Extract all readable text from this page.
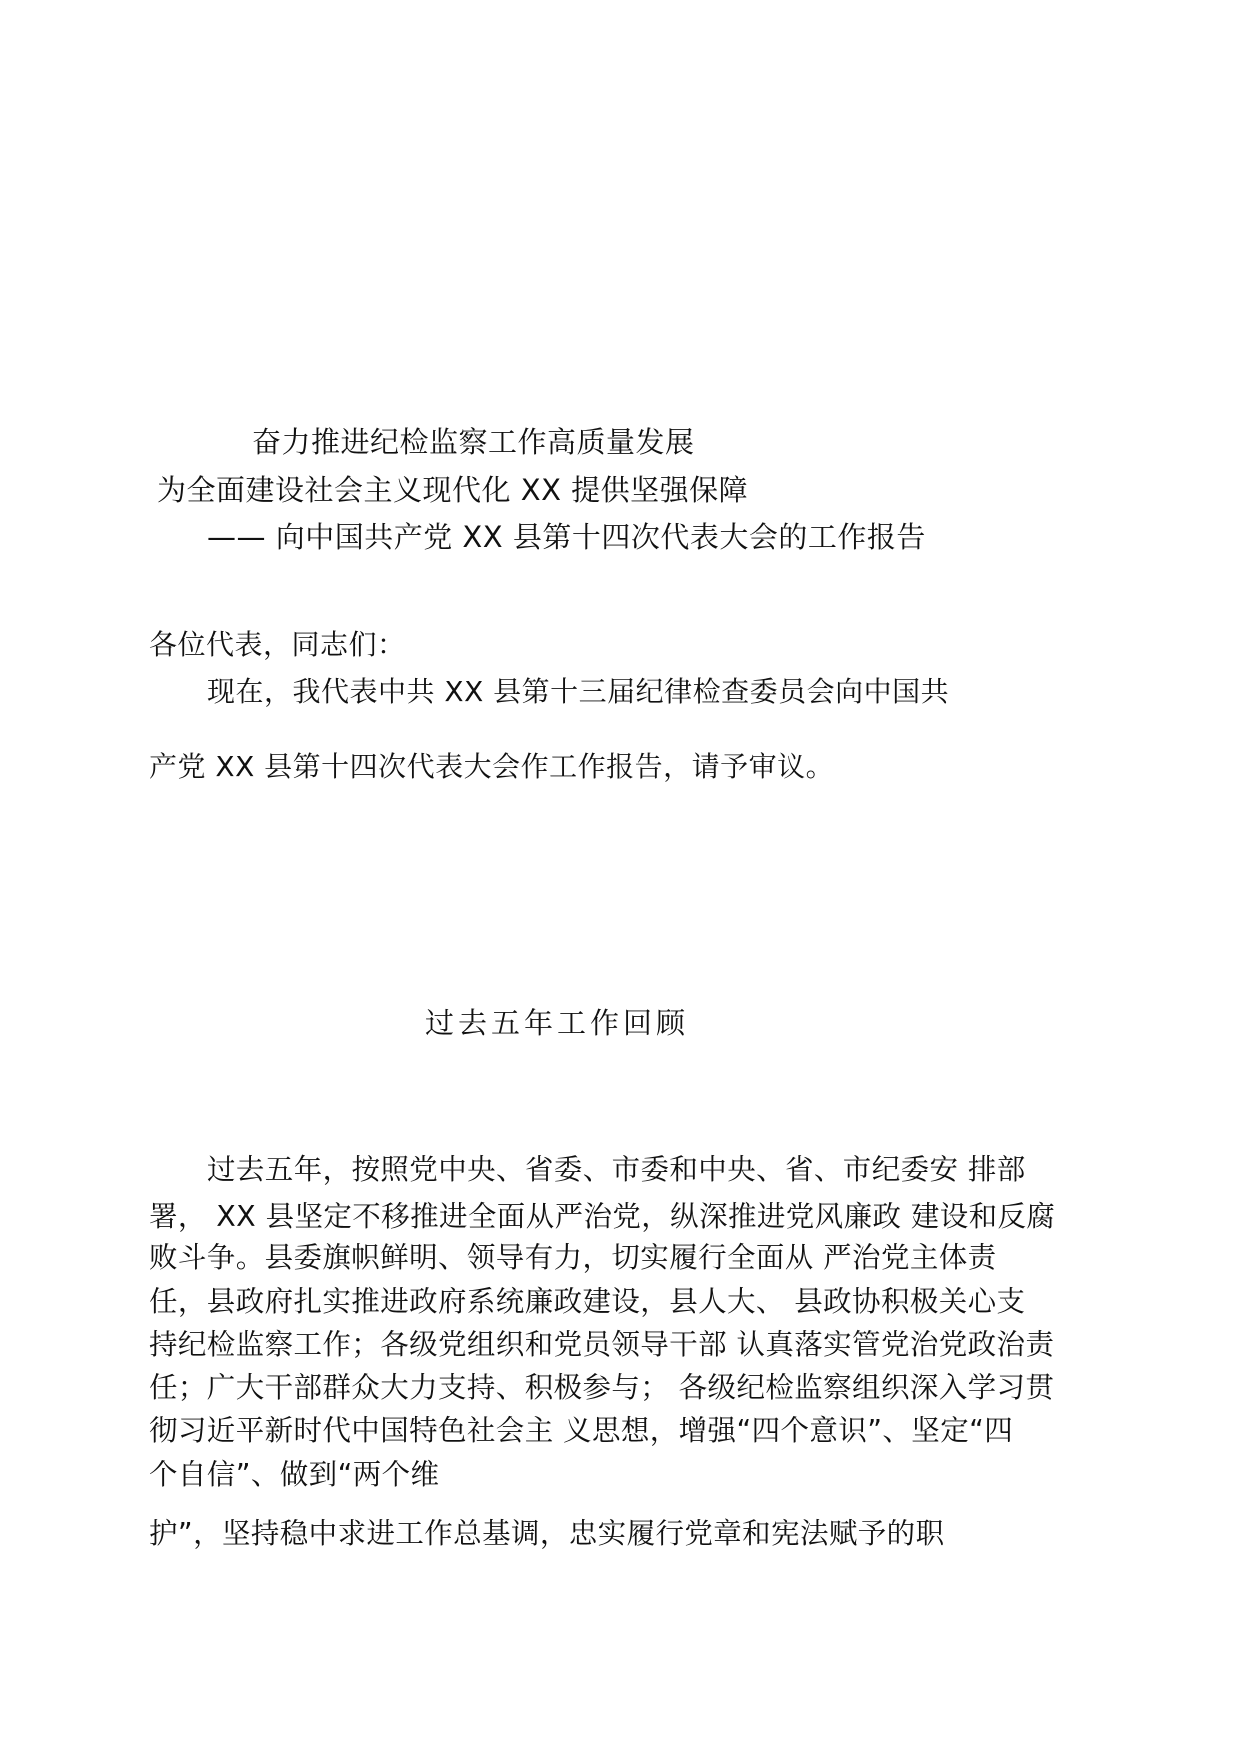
奋力推进纪检监察工作高质量发展
为全面建设社会主义现代化 XX 提供坚强保障
—— 向中国共产党 XX 县第十四次代表大会的工作报告
各位代表，同志们：
现在，我代表中共 XX 县第十三届纪律检查委员会向中国共
产党 XX 县第十四次代表大会作工作报告，请予审议。
过去五年工作回顾
过去五年，按照党中央、省委、市委和中央、省、市纪委安 排部
署， XX 县坚定不移推进全面从严治党，纵深推进党风廉政 建设和反腐
败斗争。县委旗帜鲜明、领导有力，切实履行全面从 严治党主体责
任，县政府扎实推进政府系统廉政建设，县人大、 县政协积极关心支
持纪检监察工作；各级党组织和党员领导干部 认真落实管党治党政治责
任；广大干部群众大力支持、积极参与； 各级纪检监察组织深入学习贯
彻习近平新时代中国特色社会主 义思想，增强“四个意识”、坚定“四
个自信”、做到“两个维
护”，坚持稳中求进工作总基调，忠实履行党章和宪法赋予的职
